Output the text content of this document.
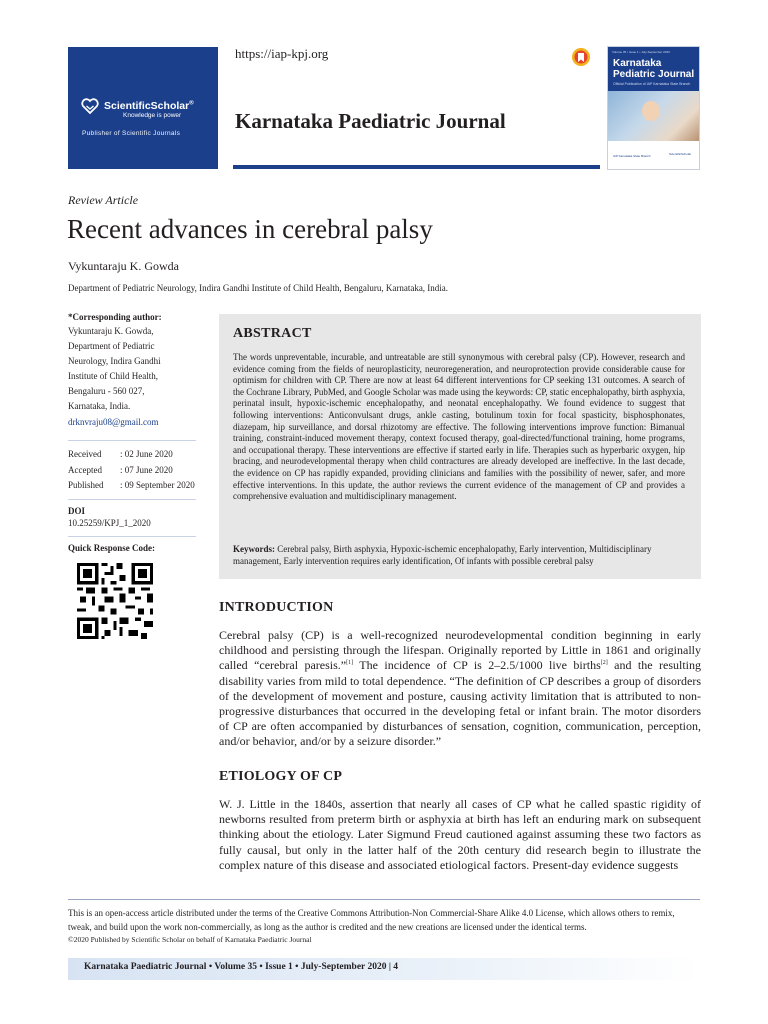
ScientificScholar®
Knowledge is power
Publisher of Scientific Journals
https://iap-kpj.org
Karnataka Paediatric Journal
Volume 35 • Issue 1 • July-September 2020
Karnataka
Pediatric Journal
Official Publication of IAP Karnataka State Branch
IAP Karnataka State Branch	ScientificScholar
Review Article
Recent advances in cerebral palsy
Vykuntaraju K. Gowda
Department of Pediatric Neurology, Indira Gandhi Institute of Child Health, Bengaluru, Karnataka, India.
*Corresponding author:
Vykuntaraju K. Gowda,
Department of Pediatric
Neurology, Indira Gandhi
Institute of Child Health,
Bengaluru - 560 027,
Karnataka, India.
drknvraju08@gmail.com
Received : 02 June 2020
Accepted : 07 June 2020
Published : 09 September 2020
DOI
10.25259/KPJ_1_2020
Quick Response Code:
ABSTRACT
The words unpreventable, incurable, and untreatable are still synonymous with cerebral palsy (CP). However, research and evidence coming from the fields of neuroplasticity, neuroregeneration, and neuroprotection provide considerable cause for optimism for children with CP. There are now at least 64 different interventions for CP seeking 131 outcomes. A search of the Cochrane Library, PubMed, and Google Scholar was made using the keywords: CP, static encephalopathy, birth asphyxia, perinatal insult, hypoxic-ischemic encephalopathy, and neonatal encephalopathy. We found evidence to suggest that following interventions: Anticonvulsant drugs, ankle casting, botulinum toxin for focal spasticity, bisphosphonates, diazepam, hip surveillance, and dorsal rhizotomy are effective. The following interventions improve function: Bimanual training, constraint-induced movement therapy, context focused therapy, goal-directed/functional training, home programs, and occupational therapy. These interventions are effective if started early in life. Therapies such as hyperbaric oxygen, hip bracing, and neurodevelopmental therapy when child contractures are already developed are ineffective. In the last decade, the evidence on CP has rapidly expanded, providing clinicians and families with the possibility of newer, safer, and more effective interventions. In this update, the author reviews the current evidence of the management of CP and provides a comprehensive evaluation and multidisciplinary management.
Keywords: Cerebral palsy, Birth asphyxia, Hypoxic-ischemic encephalopathy, Early intervention, Multidisciplinary management, Early intervention requires early identification, Of infants with possible cerebral palsy
INTRODUCTION
Cerebral palsy (CP) is a well-recognized neurodevelopmental condition beginning in early childhood and persisting through the lifespan. Originally reported by Little in 1861 and originally called “cerebral paresis.”[1] The incidence of CP is 2–2.5/1000 live births[2] and the resulting disability varies from mild to total dependence. “The definition of CP describes a group of disorders of the development of movement and posture, causing activity limitation that is attributed to non-progressive disturbances that occurred in the developing fetal or infant brain. The motor disorders of CP are often accompanied by disturbances of sensation, cognition, communication, perception, and/or behavior, and/or by a seizure disorder.”
ETIOLOGY OF CP
W. J. Little in the 1840s, assertion that nearly all cases of CP what he called spastic rigidity of newborns resulted from preterm birth or asphyxia at birth has left an enduring mark on subsequent thinking about the etiology. Later Sigmund Freud cautioned against assuming these two factors as fully causal, but only in the latter half of the 20th century did research begin to illustrate the complex nature of this disease and associated etiological factors. Present-day evidence suggests
This is an open-access article distributed under the terms of the Creative Commons Attribution-Non Commercial-Share Alike 4.0 License, which allows others to remix, tweak, and build upon the work non-commercially, as long as the author is credited and the new creations are licensed under the identical terms.
©2020 Published by Scientific Scholar on behalf of Karnataka Paediatric Journal
Karnataka Paediatric Journal • Volume 35 • Issue 1 • July-September 2020 | 4
